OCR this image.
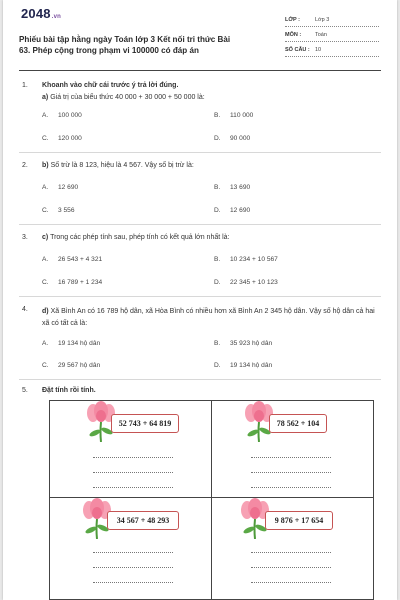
2048.vn
Phiếu bài tập hằng ngày Toán lớp 3 Kết nối tri thức Bài 63. Phép cộng trong phạm vi 100000 có đáp án
LỚP :	Lớp 3
MÔN :	Toán
SỐ CÂU : 10
1. Khoanh vào chữ cái trước ý trả lời đúng.
a) Giá trị của biểu thức 40 000 + 30 000 + 50 000 là:
A. 100 000	B. 110 000
C. 120 000	D. 90 000
2. b) Số trừ là 8 123, hiệu là 4 567. Vậy số bị trừ là:
A. 12 690	B. 13 690
C. 3 556	D. 12 690
3. c) Trong các phép tính sau, phép tính có kết quả lớn nhất là:
A. 26 543 + 4 321	B. 10 234 + 10 567
C. 16 789 + 1 234	D. 22 345 + 10 123
4. d) Xã Bình An có 16 789 hộ dân, xã Hòa Bình có nhiều hơn xã Bình An 2 345 hộ dân. Vậy số hộ dân cả hai xã có tất cả là:
A. 19 134 hộ dân	B. 35 923 hộ dân
C. 29 567 hộ dân	D. 19 134 hộ dân
5. Đặt tính rồi tính.
52 743 + 64 819	78 562 + 104
34 567 + 48 293	9 876 + 17 654
